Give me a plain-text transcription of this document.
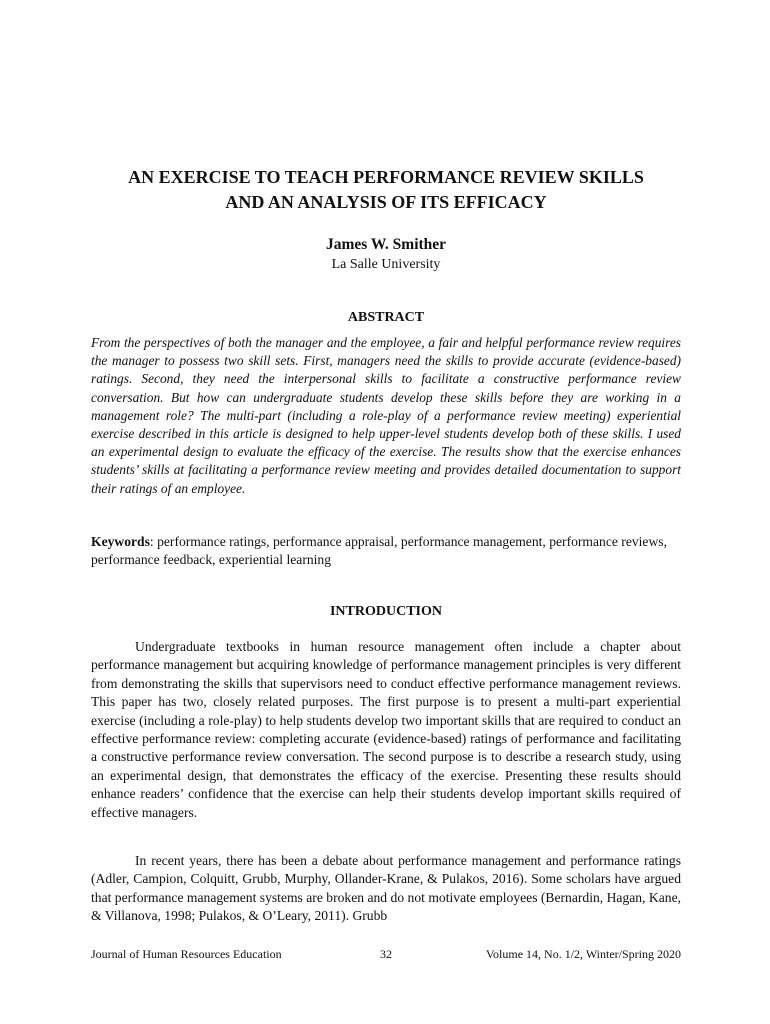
AN EXERCISE TO TEACH PERFORMANCE REVIEW SKILLS
AND AN ANALYSIS OF ITS EFFICACY

James W. Smither

La Salle University

ABSTRACT

From the perspectives of both the manager and the employee, a fair and helpful performance review requires the manager to possess two skill sets. First, managers need the skills to provide accurate (evidence-based) ratings. Second, they need the interpersonal skills to facilitate a constructive performance review conversation. But how can undergraduate students develop these skills before they are working in a management role? The multi-part (including a role-play of a performance review meeting) experiential exercise described in this article is designed to help upper-level students develop both of these skills. I used an experimental design to evaluate the efficacy of the exercise. The results show that the exercise enhances students’ skills at facilitating a performance review meeting and provides detailed documentation to support their ratings of an employee.

Keywords: performance ratings, performance appraisal, performance management, performance reviews, performance feedback, experiential learning

INTRODUCTION

Undergraduate textbooks in human resource management often include a chapter about performance management but acquiring knowledge of performance management principles is very different from demonstrating the skills that supervisors need to conduct effective performance management reviews. This paper has two, closely related purposes. The first purpose is to present a multi-part experiential exercise (including a role-play) to help students develop two important skills that are required to conduct an effective performance review: completing accurate (evidence-based) ratings of performance and facilitating a constructive performance review conversation. The second purpose is to describe a research study, using an experimental design, that demonstrates the efficacy of the exercise. Presenting these results should enhance readers’ confidence that the exercise can help their students develop important skills required of effective managers.

In recent years, there has been a debate about performance management and performance ratings (Adler, Campion, Colquitt, Grubb, Murphy, Ollander-Krane, & Pulakos, 2016). Some scholars have argued that performance management systems are broken and do not motivate employees (Bernardin, Hagan, Kane, & Villanova, 1998; Pulakos, & O’Leary, 2011). Grubb

Journal of Human Resources Education	32	Volume 14, No. 1/2, Winter/Spring 2020
